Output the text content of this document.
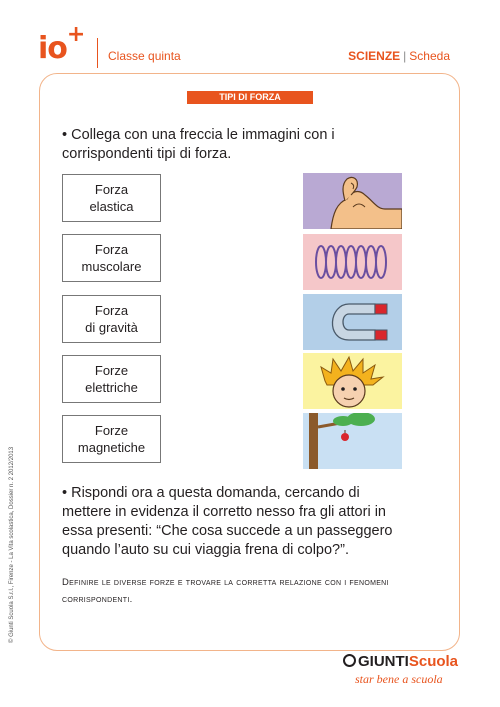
io+
Classe quinta	SCIENZE | Scheda
TIPI DI FORZA
• Collega con una freccia le immagini con i corrispondenti tipi di forza.
Forza
elastica
Forza
muscolare
Forza
di gravità
Forze
elettriche
Forze
magnetiche
• Rispondi ora a questa domanda, cercando di mettere in evidenza il corretto nesso fra gli attori in essa presenti: “Che cosa succede a un passeggero quando l’auto su cui viaggia frena di colpo?”.
Definire le diverse forze e trovare la corretta relazione con i fenomeni corrispondenti.
© Giunti Scuola S.r.l., Firenze - La Vita scolastica, Dossier n. 2 2012/2013
GIUNTIScuola
star bene a scuola
